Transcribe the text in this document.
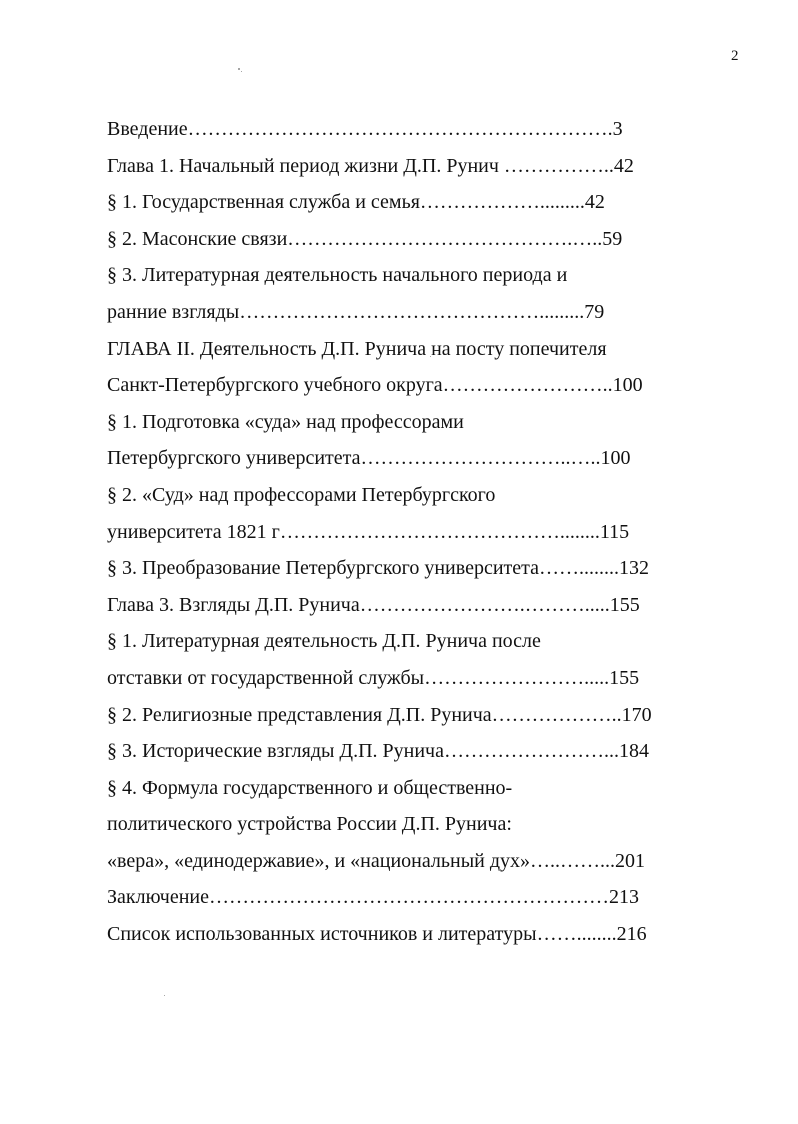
2
Введение……………………………………………………….3
Глава 1. Начальный период жизни Д.П. Рунич ……………..42
§ 1. Государственная служба и семья……………….........42
§ 2. Масонские связи…………………………………….…..59
§ 3. Литературная деятельность начального периода и
ранние взгляды……………………………………….........79
ГЛАВА II. Деятельность Д.П. Рунича на посту попечителя
Санкт-Петербургского учебного округа……………………..100
§ 1. Подготовка «суда» над профессорами
Петербургского университета…………………………..…..100
§ 2. «Суд» над профессорами Петербургского
университета 1821 г……………………………………........115
§ 3. Преобразование Петербургского университета……........132
Глава 3. Взгляды Д.П. Рунича…………………….……….....155
§ 1. Литературная деятельность Д.П. Рунича после
отставки от государственной службы…………………….....155
§ 2. Религиозные представления Д.П. Рунича………………..170
§ 3. Исторические взгляды Д.П. Рунича……………………...184
§ 4. Формула государственного и общественно-
политического устройства России Д.П. Рунича:
«вера», «единодержавие», и «национальный дух»…..……...201
Заключение……………………………………………………213
Список использованных источников и литературы……........216
